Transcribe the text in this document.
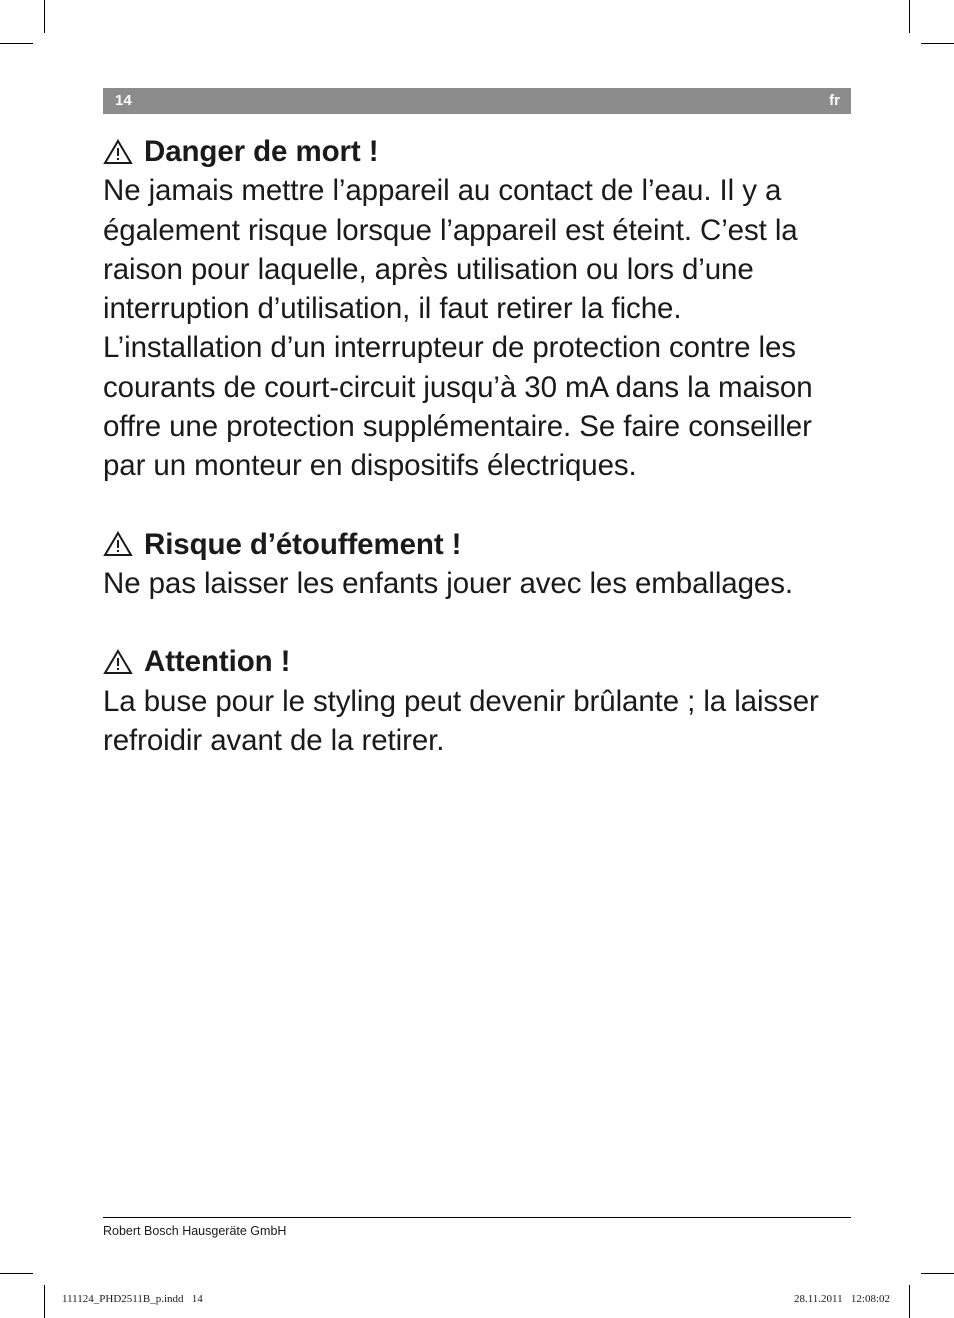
14	fr

Danger de mort !

Ne jamais mettre l’appareil au contact de l’eau. Il y a également risque lorsque l’appareil est éteint. C’est la raison pour laquelle, après utilisation ou lors d’une interruption d’utilisation, il faut retirer la fiche.

L’installation d’un interrupteur de protection contre les courants de court-circuit jusqu’à 30 mA dans la maison offre une protection supplémentaire. Se faire conseiller par un monteur en dispositifs électriques.

Risque d’étouffement !

Ne pas laisser les enfants jouer avec les emballages.

Attention !

La buse pour le styling peut devenir brûlante ; la laisser refroidir avant de la retirer.

Robert Bosch Hausgeräte GmbH
111124_PHD2511B_p.indd   14	28.11.2011   12:08:02
